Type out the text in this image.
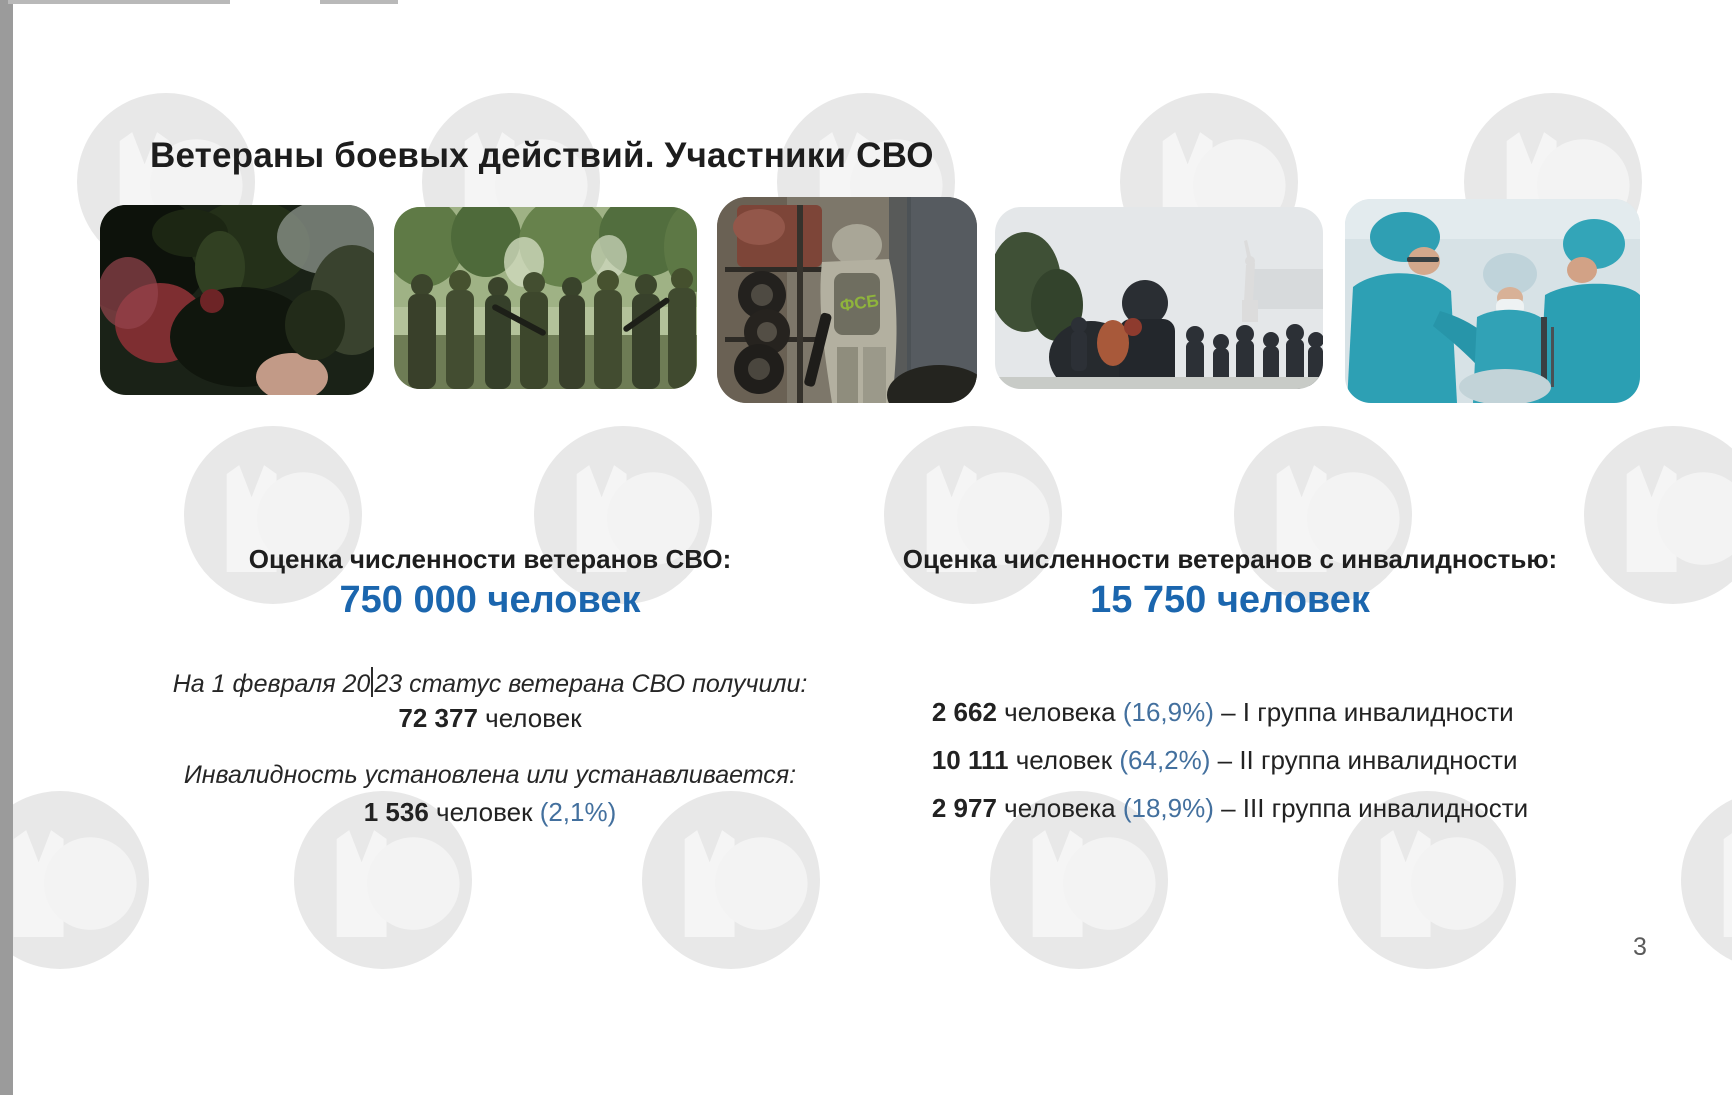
Ветераны боевых действий. Участники СВО
ФСБ
Оценка численности ветеранов СВО:
750 000 человек
На 1 февраля 20 23 статус ветерана СВО получили:
72 377 человек
Инвалидность установлена или устанавливается:
1 536 человек (2,1%)
Оценка численности ветеранов с инвалидностью:
15 750 человек
2 662 человека (16,9%) – I группа инвалидности
10 111 человек (64,2%) – II группа инвалидности
2 977 человека (18,9%) – III группа инвалидности
3
